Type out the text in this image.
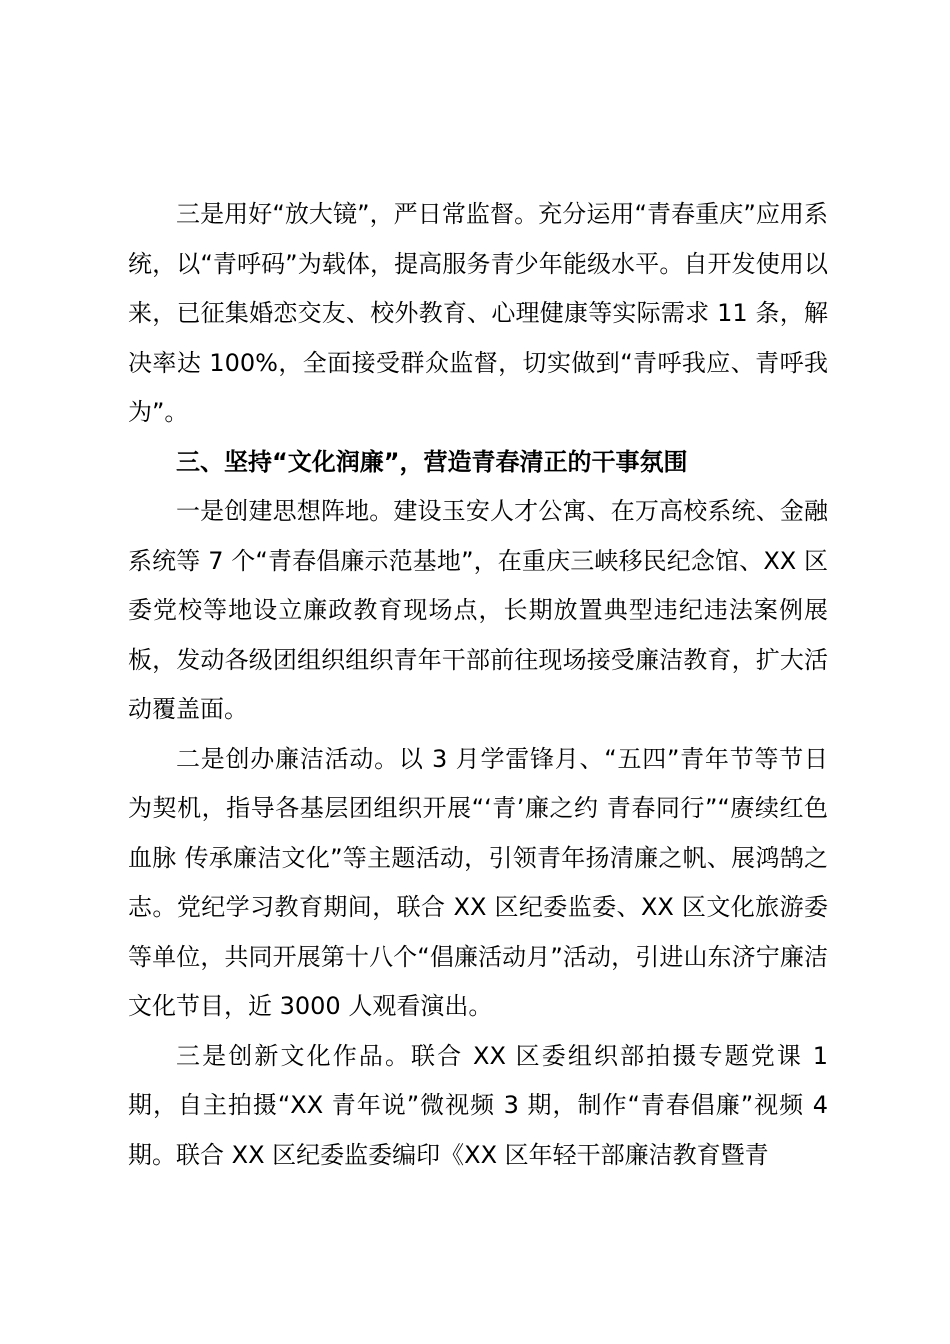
三是用好“放大镜”，严日常监督。充分运用“青春重庆”应用系统，以“青呼码”为载体，提高服务青少年能级水平。自开发使用以来，已征集婚恋交友、校外教育、心理健康等实际需求 11 条，解决率达 100%，全面接受群众监督，切实做到“青呼我应、青呼我为”。

三、坚持“文化润廉”，营造青春清正的干事氛围

一是创建思想阵地。建设玉安人才公寓、在万高校系统、金融系统等 7 个“青春倡廉示范基地”，在重庆三峡移民纪念馆、XX 区委党校等地设立廉政教育现场点，长期放置典型违纪违法案例展板，发动各级团组织组织青年干部前往现场接受廉洁教育，扩大活动覆盖面。

二是创办廉洁活动。以 3 月学雷锋月、“五四”青年节等节日为契机，指导各基层团组织开展“‘青’廉之约 青春同行”“赓续红色血脉 传承廉洁文化”等主题活动，引领青年扬清廉之帆、展鸿鹄之志。党纪学习教育期间，联合 XX 区纪委监委、XX 区文化旅游委等单位，共同开展第十八个“倡廉活动月”活动，引进山东济宁廉洁文化节目，近 3000 人观看演出。

三是创新文化作品。联合 XX 区委组织部拍摄专题党课 1 期，自主拍摄“XX 青年说”微视频 3 期，制作“青春倡廉”视频 4 期。联合 XX 区纪委监委编印《XX 区年轻干部廉洁教育暨青
